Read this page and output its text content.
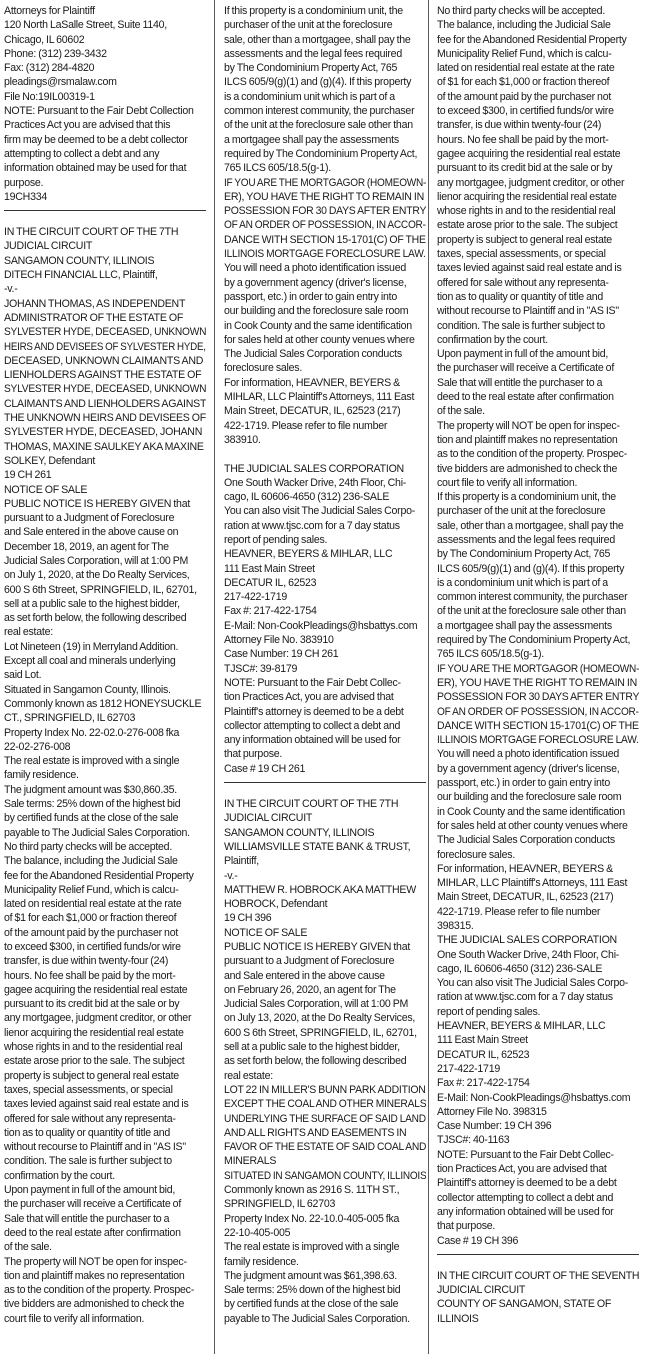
Attorneys for Plaintiff
120 North LaSalle Street, Suite 1140,
Chicago, IL 60602
Phone: (312) 239-3432
Fax: (312) 284-4820
pleadings@rsmalaw.com
File No:19IL00319-1
NOTE: Pursuant to the Fair Debt Collection
Practices Act you are advised that this
firm may be deemed to be a debt collector
attempting to collect a debt and any
information obtained may be used for that
purpose.
19CH334
IN THE CIRCUIT COURT OF THE 7TH
JUDICIAL CIRCUIT
SANGAMON COUNTY, ILLINOIS
DITECH FINANCIAL LLC, Plaintiff,
-v.-
JOHANN THOMAS, AS INDEPENDENT
ADMINISTRATOR OF THE ESTATE OF
SYLVESTER HYDE, DECEASED, UNKNOWN
HEIRS AND DEVISEES OF SYLVESTER HYDE,
DECEASED, UNKNOWN CLAIMANTS AND
LIENHOLDERS AGAINST THE ESTATE OF
SYLVESTER HYDE, DECEASED, UNKNOWN
CLAIMANTS AND LIENHOLDERS AGAINST
THE UNKNOWN HEIRS AND DEVISEES OF
SYLVESTER HYDE, DECEASED, JOHANN
THOMAS, MAXINE SAULKEY AKA MAXINE
SOLKEY, Defendant
19 CH 261
NOTICE OF SALE
PUBLIC NOTICE IS HEREBY GIVEN that
pursuant to a Judgment of Foreclosure
and Sale entered in the above cause on
December 18, 2019, an agent for The
Judicial Sales Corporation, will at 1:00 PM
on July 1, 2020, at the Do Realty Services,
600 S 6th Street, SPRINGFIELD, IL, 62701,
sell at a public sale to the highest bidder,
as set forth below, the following described
real estate:
Lot Nineteen (19) in Merryland Addition.
Except all coal and minerals underlying
said Lot.
Situated in Sangamon County, Illinois.
Commonly known as 1812 HONEYSUCKLE
CT., SPRINGFIELD, IL 62703
Property Index No. 22-02.0-276-008 fka
22-02-276-008
The real estate is improved with a single
family residence.
The judgment amount was $30,860.35.
Sale terms: 25% down of the highest bid
by certified funds at the close of the sale
payable to The Judicial Sales Corporation.
No third party checks will be accepted.
The balance, including the Judicial Sale
fee for the Abandoned Residential Property
Municipality Relief Fund, which is calcu-
lated on residential real estate at the rate
of $1 for each $1,000 or fraction thereof
of the amount paid by the purchaser not
to exceed $300, in certified funds/or wire
transfer, is due within twenty-four (24)
hours. No fee shall be paid by the mort-
gagee acquiring the residential real estate
pursuant to its credit bid at the sale or by
any mortgagee, judgment creditor, or other
lienor acquiring the residential real estate
whose rights in and to the residential real
estate arose prior to the sale. The subject
property is subject to general real estate
taxes, special assessments, or special
taxes levied against said real estate and is
offered for sale without any representa-
tion as to quality or quantity of title and
without recourse to Plaintiff and in "AS IS"
condition. The sale is further subject to
confirmation by the court.
Upon payment in full of the amount bid,
the purchaser will receive a Certificate of
Sale that will entitle the purchaser to a
deed to the real estate after confirmation
of the sale.
The property will NOT be open for inspec-
tion and plaintiff makes no representation
as to the condition of the property. Prospec-
tive bidders are admonished to check the
court file to verify all information.
If this property is a condominium unit, the
purchaser of the unit at the foreclosure
sale, other than a mortgagee, shall pay the
assessments and the legal fees required
by The Condominium Property Act, 765
ILCS 605/9(g)(1) and (g)(4). If this property
is a condominium unit which is part of a
common interest community, the purchaser
of the unit at the foreclosure sale other than
a mortgagee shall pay the assessments
required by The Condominium Property Act,
765 ILCS 605/18.5(g-1).
IF YOU ARE THE MORTGAGOR (HOMEOWN-
ER), YOU HAVE THE RIGHT TO REMAIN IN
POSSESSION FOR 30 DAYS AFTER ENTRY
OF AN ORDER OF POSSESSION, IN ACCOR-
DANCE WITH SECTION 15-1701(C) OF THE
ILLINOIS MORTGAGE FORECLOSURE LAW.
You will need a photo identification issued
by a government agency (driver's license,
passport, etc.) in order to gain entry into
our building and the foreclosure sale room
in Cook County and the same identification
for sales held at other county venues where
The Judicial Sales Corporation conducts
foreclosure sales.
For information, HEAVNER, BEYERS &
MIHLAR, LLC Plaintiff's Attorneys, 111 East
Main Street, DECATUR, IL, 62523 (217)
422-1719. Please refer to file number
383910.
THE JUDICIAL SALES CORPORATION
One South Wacker Drive, 24th Floor, Chi-
cago, IL 60606-4650 (312) 236-SALE
You can also visit The Judicial Sales Corpo-
ration at www.tjsc.com for a 7 day status
report of pending sales.
HEAVNER, BEYERS & MIHLAR, LLC
111 East Main Street
DECATUR IL, 62523
217-422-1719
Fax #: 217-422-1754
E-Mail: Non-CookPleadings@hsbattys.com
Attorney File No. 383910
Case Number: 19 CH 261
TJSC#: 39-8179
NOTE: Pursuant to the Fair Debt Collec-
tion Practices Act, you are advised that
Plaintiff's attorney is deemed to be a debt
collector attempting to collect a debt and
any information obtained will be used for
that purpose.
Case # 19 CH 261
IN THE CIRCUIT COURT OF THE 7TH
JUDICIAL CIRCUIT
SANGAMON COUNTY, ILLINOIS
WILLIAMSVILLE STATE BANK & TRUST,
Plaintiff,
-v.-
MATTHEW R. HOBROCK AKA MATTHEW
HOBROCK, Defendant
19 CH 396
NOTICE OF SALE
PUBLIC NOTICE IS HEREBY GIVEN that
pursuant to a Judgment of Foreclosure
and Sale entered in the above cause
on February 26, 2020, an agent for The
Judicial Sales Corporation, will at 1:00 PM
on July 13, 2020, at the Do Realty Services,
600 S 6th Street, SPRINGFIELD, IL, 62701,
sell at a public sale to the highest bidder,
as set forth below, the following described
real estate:
LOT 22 IN MILLER'S BUNN PARK ADDITION
EXCEPT THE COAL AND OTHER MINERALS
UNDERLYING THE SURFACE OF SAID LAND
AND ALL RIGHTS AND EASEMENTS IN
FAVOR OF THE ESTATE OF SAID COAL AND
MINERALS
SITUATED IN SANGAMON COUNTY, ILLINOIS
Commonly known as 2916 S. 11TH ST.,
SPRINGFIELD, IL 62703
Property Index No. 22-10.0-405-005 fka
22-10-405-005
The real estate is improved with a single
family residence.
The judgment amount was $61,398.63.
Sale terms: 25% down of the highest bid
by certified funds at the close of the sale
payable to The Judicial Sales Corporation.
No third party checks will be accepted.
The balance, including the Judicial Sale
fee for the Abandoned Residential Property
Municipality Relief Fund, which is calcu-
lated on residential real estate at the rate
of $1 for each $1,000 or fraction thereof
of the amount paid by the purchaser not
to exceed $300, in certified funds/or wire
transfer, is due within twenty-four (24)
hours. No fee shall be paid by the mort-
gagee acquiring the residential real estate
pursuant to its credit bid at the sale or by
any mortgagee, judgment creditor, or other
lienor acquiring the residential real estate
whose rights in and to the residential real
estate arose prior to the sale. The subject
property is subject to general real estate
taxes, special assessments, or special
taxes levied against said real estate and is
offered for sale without any representa-
tion as to quality or quantity of title and
without recourse to Plaintiff and in "AS IS"
condition. The sale is further subject to
confirmation by the court.
Upon payment in full of the amount bid,
the purchaser will receive a Certificate of
Sale that will entitle the purchaser to a
deed to the real estate after confirmation
of the sale.
The property will NOT be open for inspec-
tion and plaintiff makes no representation
as to the condition of the property. Prospec-
tive bidders are admonished to check the
court file to verify all information.
If this property is a condominium unit, the
purchaser of the unit at the foreclosure
sale, other than a mortgagee, shall pay the
assessments and the legal fees required
by The Condominium Property Act, 765
ILCS 605/9(g)(1) and (g)(4). If this property
is a condominium unit which is part of a
common interest community, the purchaser
of the unit at the foreclosure sale other than
a mortgagee shall pay the assessments
required by The Condominium Property Act,
765 ILCS 605/18.5(g-1).
IF YOU ARE THE MORTGAGOR (HOMEOWN-
ER), YOU HAVE THE RIGHT TO REMAIN IN
POSSESSION FOR 30 DAYS AFTER ENTRY
OF AN ORDER OF POSSESSION, IN ACCOR-
DANCE WITH SECTION 15-1701(C) OF THE
ILLINOIS MORTGAGE FORECLOSURE LAW.
You will need a photo identification issued
by a government agency (driver's license,
passport, etc.) in order to gain entry into
our building and the foreclosure sale room
in Cook County and the same identification
for sales held at other county venues where
The Judicial Sales Corporation conducts
foreclosure sales.
For information, HEAVNER, BEYERS &
MIHLAR, LLC Plaintiff's Attorneys, 111 East
Main Street, DECATUR, IL, 62523 (217)
422-1719. Please refer to file number
398315.
THE JUDICIAL SALES CORPORATION
One South Wacker Drive, 24th Floor, Chi-
cago, IL 60606-4650 (312) 236-SALE
You can also visit The Judicial Sales Corpo-
ration at www.tjsc.com for a 7 day status
report of pending sales.
HEAVNER, BEYERS & MIHLAR, LLC
111 East Main Street
DECATUR IL, 62523
217-422-1719
Fax #: 217-422-1754
E-Mail: Non-CookPleadings@hsbattys.com
Attorney File No. 398315
Case Number: 19 CH 396
TJSC#: 40-1163
NOTE: Pursuant to the Fair Debt Collec-
tion Practices Act, you are advised that
Plaintiff's attorney is deemed to be a debt
collector attempting to collect a debt and
any information obtained will be used for
that purpose.
Case # 19 CH 396
IN THE CIRCUIT COURT OF THE SEVENTH
JUDICIAL CIRCUIT
COUNTY OF SANGAMON, STATE OF
ILLINOIS
